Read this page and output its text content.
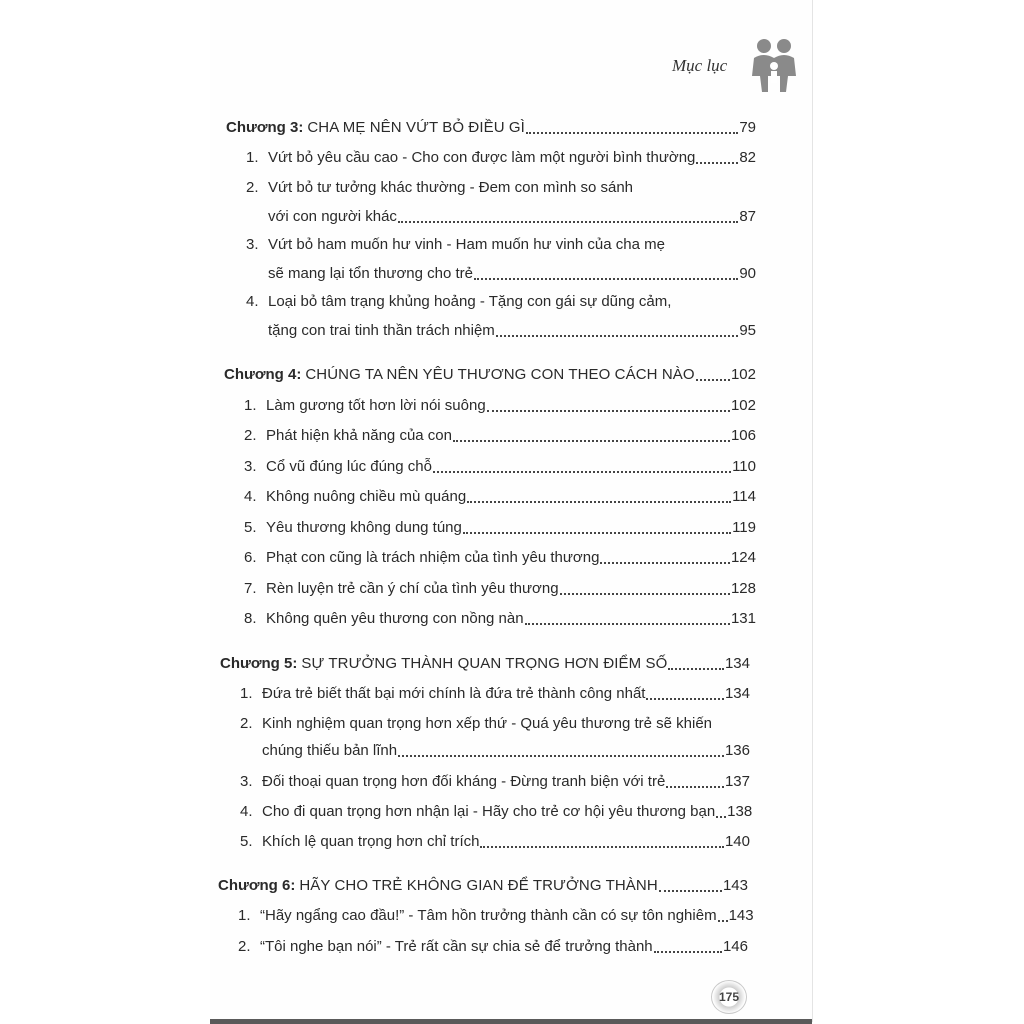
Mục lục
Chương 3: CHA MẸ NÊN VỨT BỎ ĐIỀU GÌ	79
1. Vứt bỏ yêu cầu cao - Cho con được làm một người bình thường	82
2. Vứt bỏ tư tưởng khác thường - Đem con mình so sánh
với con người khác	87
3. Vứt bỏ ham muốn hư vinh - Ham muốn hư vinh của cha mẹ
sẽ mang lại tổn thương cho trẻ	90
4. Loại bỏ tâm trạng khủng hoảng - Tặng con gái sự dũng cảm,
tặng con trai tinh thần trách nhiệm	95
Chương 4: CHÚNG TA NÊN YÊU THƯƠNG CON THEO CÁCH NÀO 102
1. Làm gương tốt hơn lời nói suông	102
2. Phát hiện khả năng của con	106
3. Cổ vũ đúng lúc đúng chỗ	110
4. Không nuông chiều mù quáng	114
5. Yêu thương không dung túng	119
6. Phạt con cũng là trách nhiệm của tình yêu thương	124
7. Rèn luyện trẻ cần ý chí của tình yêu thương	128
8. Không quên yêu thương con nồng nàn	131
Chương 5: SỰ TRƯỞNG THÀNH QUAN TRỌNG HƠN ĐIỂM SỐ	134
1. Đứa trẻ biết thất bại mới chính là đứa trẻ thành công nhất	134
2. Kinh nghiệm quan trọng hơn xếp thứ - Quá yêu thương trẻ sẽ khiến
chúng thiếu bản lĩnh	136
3. Đối thoại quan trọng hơn đối kháng - Đừng tranh biện với trẻ	137
4. Cho đi quan trọng hơn nhận lại - Hãy cho trẻ cơ hội yêu thương bạn 138
5. Khích lệ quan trọng hơn chỉ trích	140
Chương 6: HÃY CHO TRẺ KHÔNG GIAN ĐỂ TRƯỞNG THÀNH	143
1. “Hãy ngẩng cao đầu!” - Tâm hồn trưởng thành cần có sự tôn nghiêm 143
2. “Tôi nghe bạn nói” - Trẻ rất cần sự chia sẻ để trưởng thành	146
175
